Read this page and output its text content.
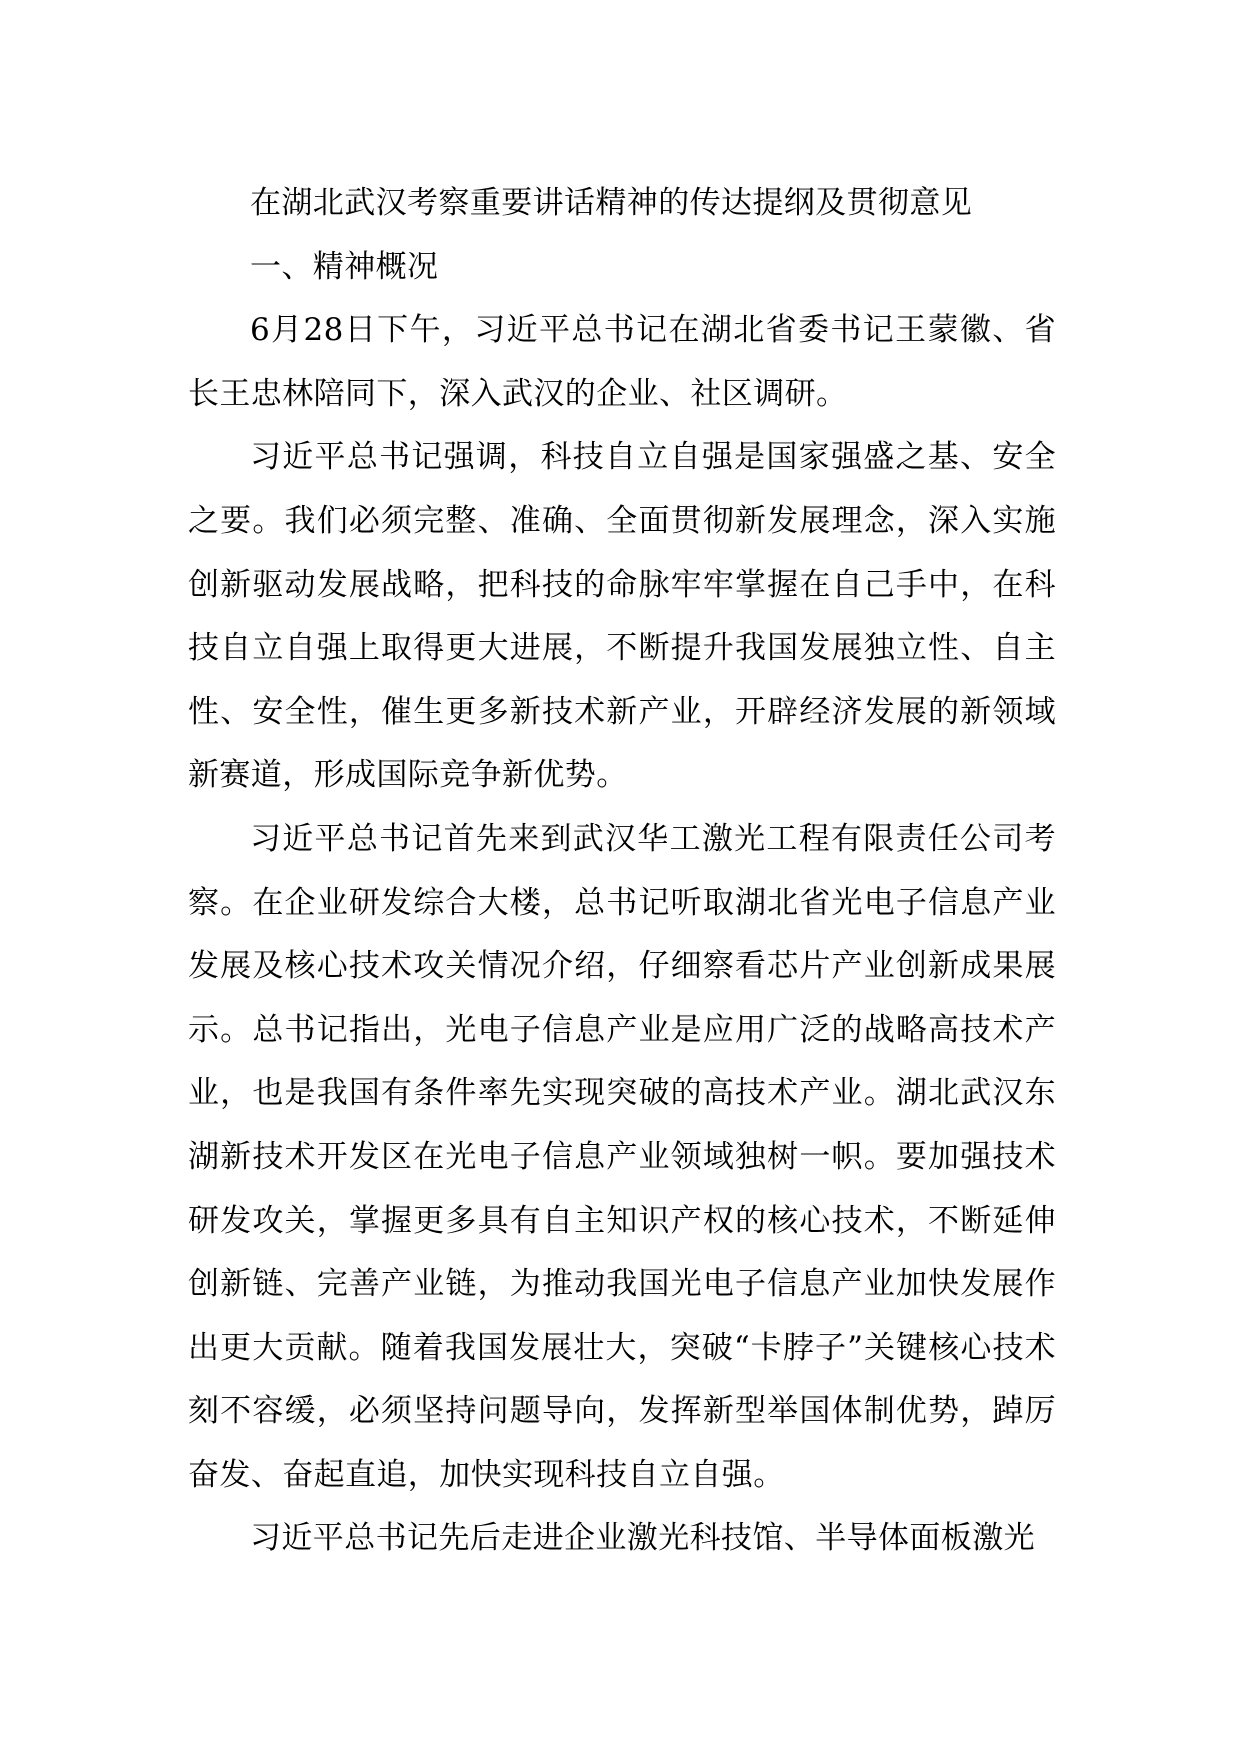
在湖北武汉考察重要讲话精神的传达提纲及贯彻意见

一、精神概况

6月28日下午，习近平总书记在湖北省委书记王蒙徽、省长王忠林陪同下，深入武汉的企业、社区调研。

习近平总书记强调，科技自立自强是国家强盛之基、安全之要。我们必须完整、准确、全面贯彻新发展理念，深入实施创新驱动发展战略，把科技的命脉牢牢掌握在自己手中，在科技自立自强上取得更大进展，不断提升我国发展独立性、自主性、安全性，催生更多新技术新产业，开辟经济发展的新领域新赛道，形成国际竞争新优势。

习近平总书记首先来到武汉华工激光工程有限责任公司考察。在企业研发综合大楼，总书记听取湖北省光电子信息产业发展及核心技术攻关情况介绍，仔细察看芯片产业创新成果展示。总书记指出，光电子信息产业是应用广泛的战略高技术产业，也是我国有条件率先实现突破的高技术产业。湖北武汉东湖新技术开发区在光电子信息产业领域独树一帜。要加强技术研发攻关，掌握更多具有自主知识产权的核心技术，不断延伸创新链、完善产业链，为推动我国光电子信息产业加快发展作出更大贡献。随着我国发展壮大，突破“卡脖子”关键核心技术刻不容缓，必须坚持问题导向，发挥新型举国体制优势，踔厉奋发、奋起直追，加快实现科技自立自强。

习近平总书记先后走进企业激光科技馆、半导体面板激光
